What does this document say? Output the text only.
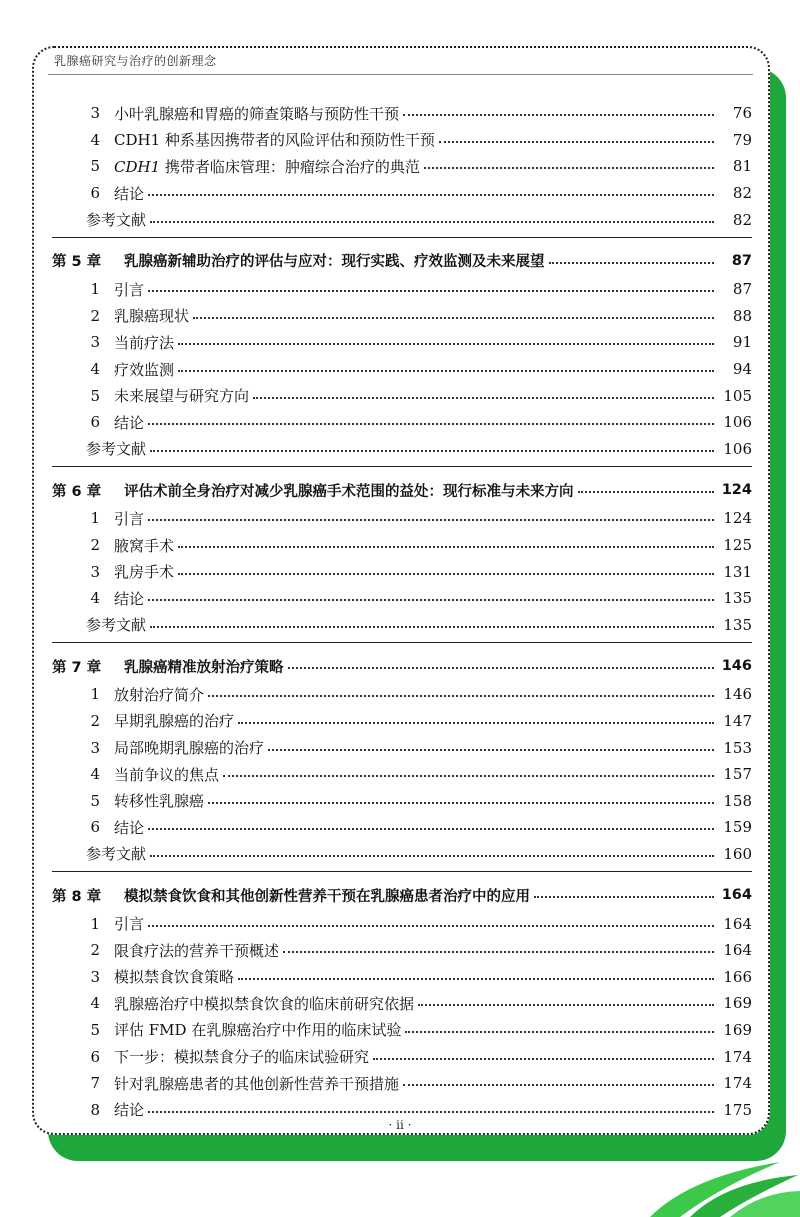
乳腺癌研究与治疗的创新理念
3 小叶乳腺癌和胃癌的筛查策略与预防性干预	76
4 CDH1 种系基因携带者的风险评估和预防性干预	79
5 CDH1 携带者临床管理：肿瘤综合治疗的典范	81
6 结论	82
参考文献	82
第 5 章	乳腺癌新辅助治疗的评估与应对：现行实践、疗效监测及未来展望	87
1 引言	87
2 乳腺癌现状	88
3 当前疗法	91
4 疗效监测	94
5 未来展望与研究方向	105
6 结论	106
参考文献	106
第 6 章	评估术前全身治疗对减少乳腺癌手术范围的益处：现行标准与未来方向	124
1 引言	124
2 腋窝手术	125
3 乳房手术	131
4 结论	135
参考文献	135
第 7 章	乳腺癌精准放射治疗策略	146
1 放射治疗简介	146
2 早期乳腺癌的治疗	147
3 局部晚期乳腺癌的治疗	153
4 当前争议的焦点	157
5 转移性乳腺癌	158
6 结论	159
参考文献	160
第 8 章	模拟禁食饮食和其他创新性营养干预在乳腺癌患者治疗中的应用	164
1 引言	164
2 限食疗法的营养干预概述	164
3 模拟禁食饮食策略	166
4 乳腺癌治疗中模拟禁食饮食的临床前研究依据	169
5 评估 FMD 在乳腺癌治疗中作用的临床试验	169
6 下一步：模拟禁食分子的临床试验研究	174
7 针对乳腺癌患者的其他创新性营养干预措施	174
8 结论	175
· ii ·
